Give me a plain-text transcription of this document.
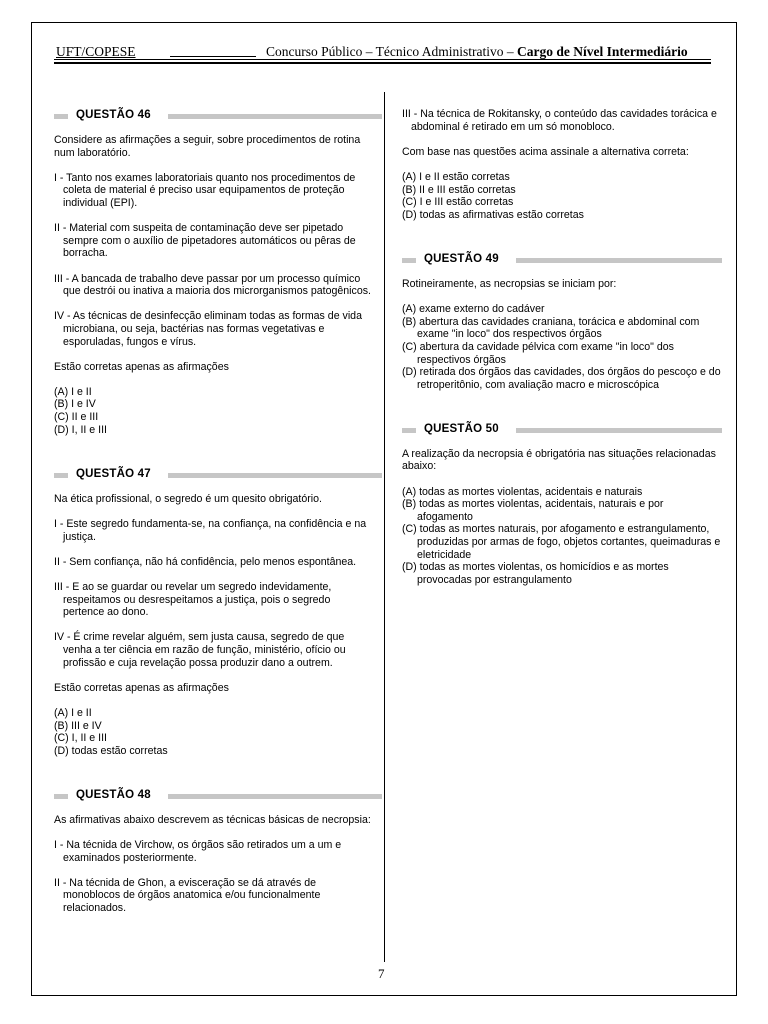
UFT/COPESE	Concurso Público – Técnico Administrativo – Cargo de Nível Intermediário
QUESTÃO 46

Considere as afirmações a seguir, sobre procedimentos de rotina num laboratório.

I - Tanto nos exames laboratoriais quanto nos procedimentos de coleta de material é preciso usar equipamentos de proteção individual (EPI).

II - Material com suspeita de contaminação deve ser pipetado sempre com o auxílio de pipetadores automáticos ou pêras de borracha.

III - A bancada de trabalho deve passar por um processo químico que destrói ou inativa a maioria dos microrganismos patogênicos.

IV - As técnicas de desinfecção eliminam todas as formas de vida microbiana, ou seja, bactérias nas formas vegetativas e esporuladas, fungos e vírus.

Estão corretas apenas as afirmações

(A) I e II
(B) I e IV
(C) II e III
(D) I, II e III
QUESTÃO 47

Na ética profissional, o segredo é um quesito obrigatório.

I - Este segredo fundamenta-se, na confiança, na confidência e na justiça.

II - Sem confiança, não há confidência, pelo menos espontânea.

III - E ao se guardar ou revelar um segredo indevidamente, respeitamos ou desrespeitamos a justiça, pois o segredo pertence ao dono.

IV - É crime revelar alguém, sem justa causa, segredo de que venha a ter ciência em razão de função, ministério, ofício ou profissão e cuja revelação possa produzir dano a outrem.

Estão corretas apenas as afirmações

(A) I e II
(B) III e IV
(C) I, II e III
(D) todas estão corretas
QUESTÃO 48

As afirmativas abaixo descrevem as técnicas básicas de necropsia:

I - Na técnida de Virchow, os órgãos são retirados um a um e examinados posteriormente.

II - Na técnida de Ghon, a evisceração se dá através de monoblocos de órgãos anatomica e/ou funcionalmente relacionados.

III - Na técnica de Rokitansky, o conteúdo das cavidades torácica e abdominal é retirado em um só monobloco.

Com base nas questões acima assinale a alternativa correta:

(A) I e II estão corretas
(B) II e III estão corretas
(C) I e III estão corretas
(D) todas as afirmativas estão corretas
QUESTÃO 49

Rotineiramente, as necropsias se iniciam por:

(A) exame externo do cadáver
(B) abertura das cavidades craniana, torácica e abdominal com exame "in loco" dos respectivos órgãos
(C) abertura da cavidade pélvica com exame "in loco" dos respectivos órgãos
(D) retirada dos órgãos das cavidades, dos órgãos do pescoço e do retroperitônio, com avaliação macro e microscópica
QUESTÃO 50

A realização da necropsia é obrigatória nas situações relacionadas abaixo:

(A) todas as mortes violentas, acidentais e naturais
(B) todas as mortes violentas, acidentais, naturais e por afogamento
(C) todas as mortes naturais, por afogamento e estrangulamento, produzidas por armas de fogo, objetos cortantes, queimaduras e eletricidade
(D) todas as mortes violentas, os homicídios e as mortes provocadas por estrangulamento
7
